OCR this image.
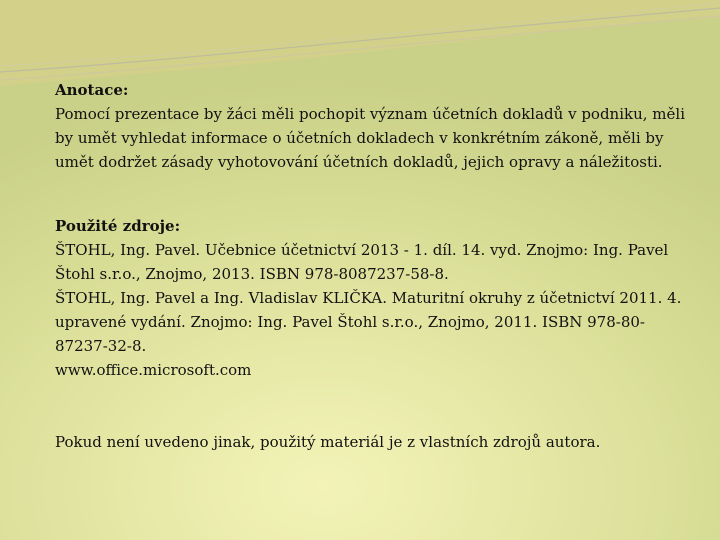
Anotace:
Pomocí prezentace by žáci měli pochopit význam účetních dokladů v podniku, měli by umět vyhledat informace o účetních dokladech v konkrétním zákoně, měli by umět dodržet zásady vyhotovování účetních dokladů, jejich opravy a náležitosti.
Použité zdroje:
ŠTOHL, Ing. Pavel. Učebnice účetnictví 2013 - 1. díl. 14. vyd. Znojmo: Ing. Pavel Štohl s.r.o., Znojmo, 2013. ISBN 978-8087237-58-8.
ŠTOHL, Ing. Pavel a Ing. Vladislav KLIČKA. Maturitní okruhy z účetnictví 2011. 4. upravené vydání. Znojmo: Ing. Pavel Štohl s.r.o., Znojmo, 2011. ISBN 978-80-87237-32-8.
www.office.microsoft.com
Pokud není uvedeno jinak, použitý materiál je z vlastních zdrojů autora.
